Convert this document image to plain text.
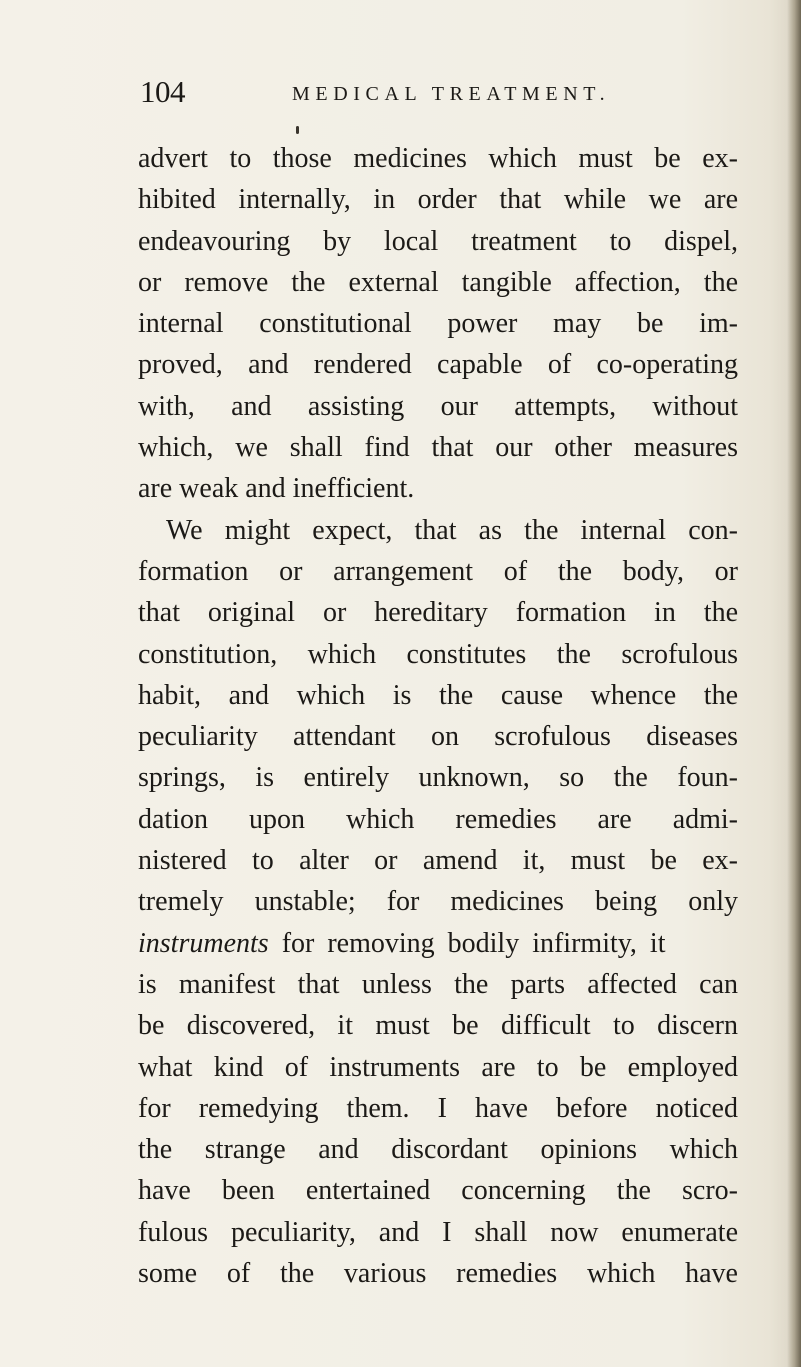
104	MEDICAL TREATMENT.
advert to those medicines which must be ex-
hibited internally, in order that while we are
endeavouring by local treatment to dispel,
or remove the external tangible affection, the
internal constitutional power may be im-
proved, and rendered capable of co-operating
with, and assisting our attempts, without
which, we shall find that our other measures
are weak and inefficient.
We might expect, that as the internal con-
formation or arrangement of the body, or
that original or hereditary formation in the
constitution, which constitutes the scrofulous
habit, and which is the cause whence the
peculiarity attendant on scrofulous diseases
springs, is entirely unknown, so the foun-
dation upon which remedies are admi-
nistered to alter or amend it, must be ex-
tremely unstable; for medicines being only
instruments for removing bodily infirmity, it
is manifest that unless the parts affected can
be discovered, it must be difficult to discern
what kind of instruments are to be employed
for remedying them. I have before noticed
the strange and discordant opinions which
have been entertained concerning the scro-
fulous peculiarity, and I shall now enumerate
some of the various remedies which have
